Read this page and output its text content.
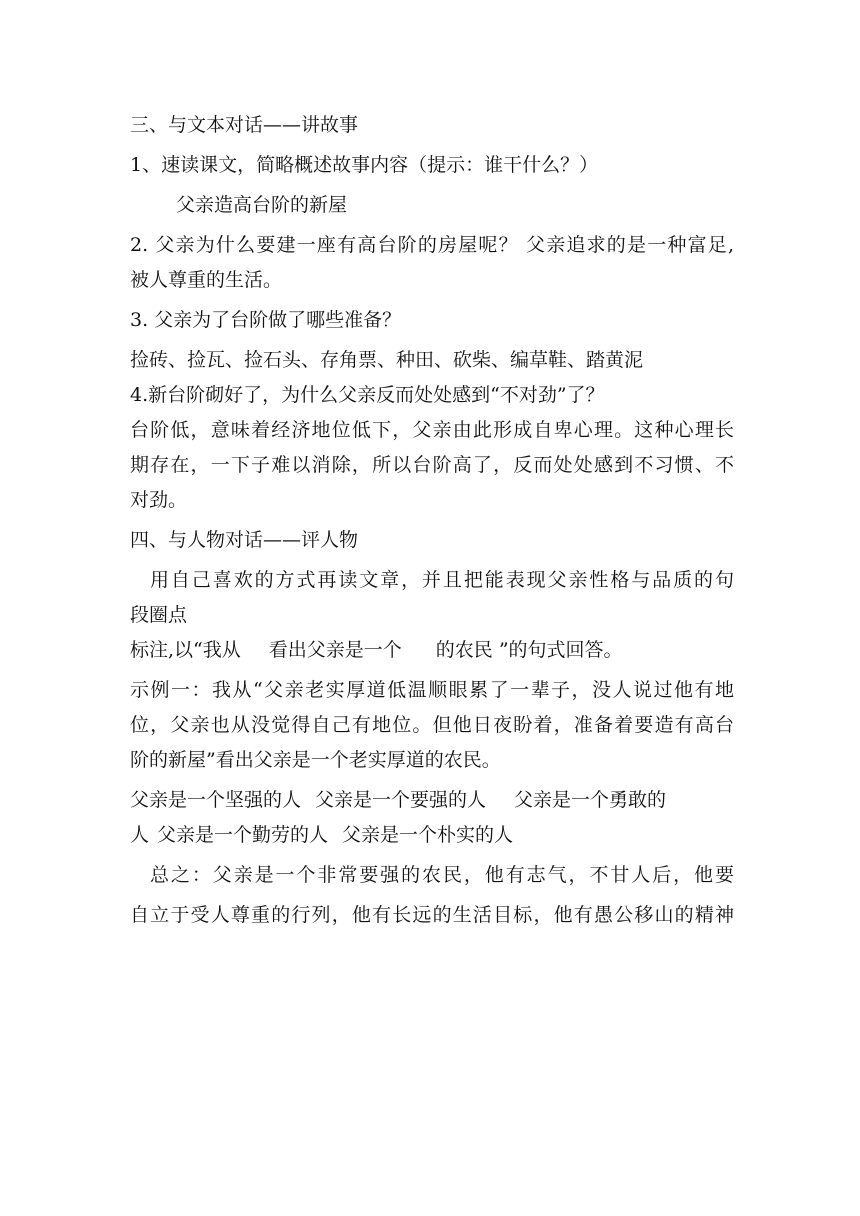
三、与文本对话——讲故事
1、速读课文，简略概述故事内容（提示：谁干什么？）
父亲造高台阶的新屋
2. 父亲为什么要建一座有高台阶的房屋呢？ 父亲追求的是一种富足,
被人尊重的生活。
3. 父亲为了台阶做了哪些准备？
捡砖、捡瓦、捡石头、存角票、种田、砍柴、编草鞋、踏黄泥
4.新台阶砌好了，为什么父亲反而处处感到“不对劲”了？
台阶低，意味着经济地位低下，父亲由此形成自卑心理。这种心理长
期存在，一下子难以消除，所以台阶高了，反而处处感到不习惯、不
对劲。
四、与人物对话——评人物
用自己喜欢的方式再读文章，并且把能表现父亲性格与品质的句
段圈点
标注,以“我从 看出父亲是一个 的农民 ”的句式回答。
示例一：我从“父亲老实厚道低温顺眼累了一辈子，没人说过他有地
位，父亲也从没觉得自己有地位。但他日夜盼着，准备着要造有高台
阶的新屋”看出父亲是一个老实厚道的农民。
父亲是一个坚强的人 父亲是一个要强的人 父亲是一个勇敢的
人 父亲是一个勤劳的人 父亲是一个朴实的人
总之：父亲是一个非常要强的农民，他有志气，不甘人后，他要
自立于受人尊重的行列，他有长远的生活目标，他有愚公移山的精神
